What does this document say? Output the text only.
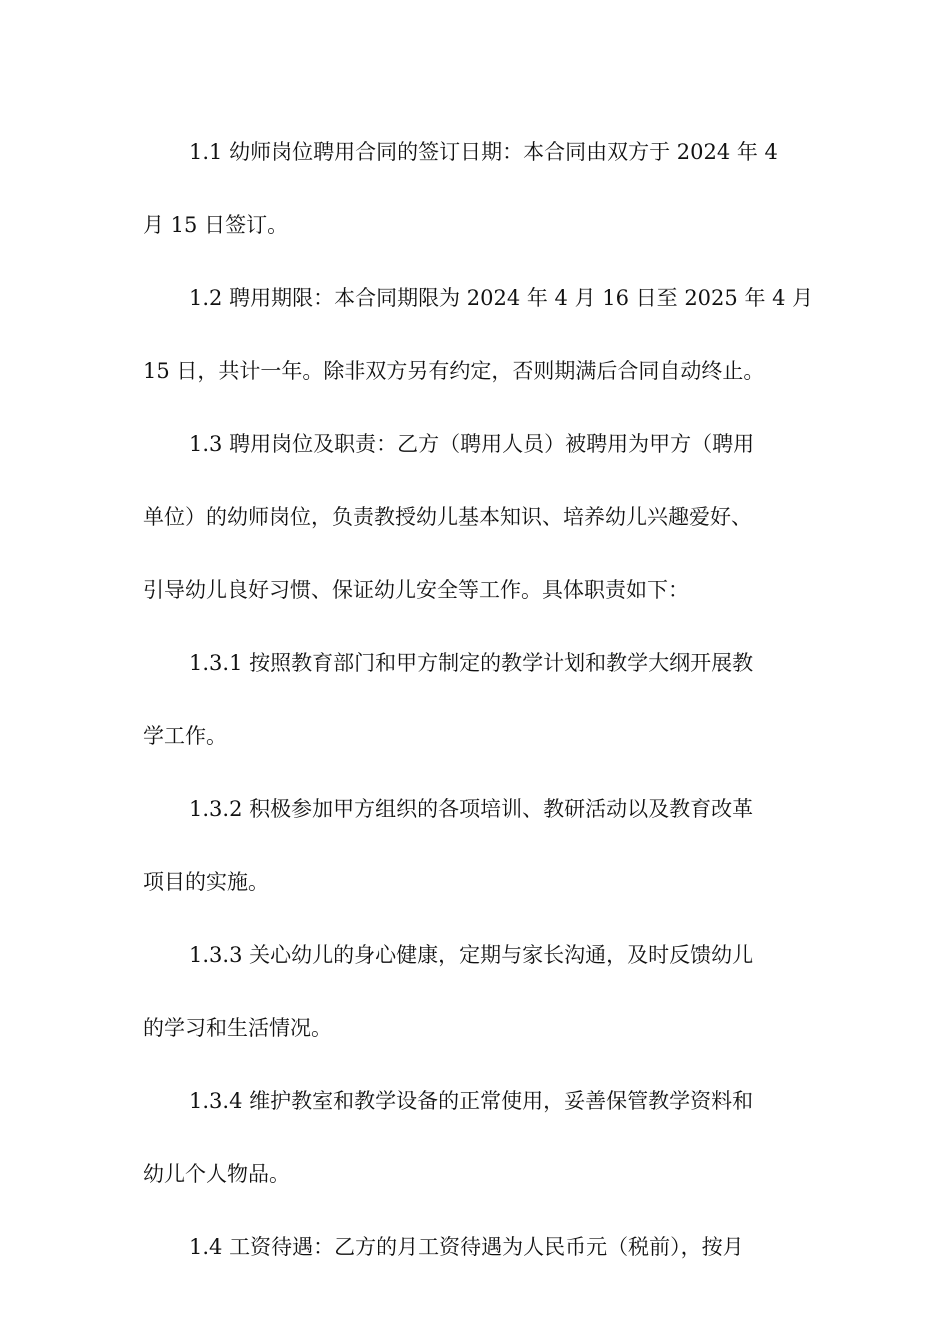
1.1 幼师岗位聘用合同的签订日期：本合同由双方于 2024 年 4
月 15 日签订。
1.2 聘用期限：本合同期限为 2024 年 4 月 16 日至 2025 年 4 月
15 日，共计一年。除非双方另有约定，否则期满后合同自动终止。
1.3 聘用岗位及职责：乙方（聘用人员）被聘用为甲方（聘用
单位）的幼师岗位，负责教授幼儿基本知识、培养幼儿兴趣爱好、
引导幼儿良好习惯、保证幼儿安全等工作。具体职责如下：
1.3.1 按照教育部门和甲方制定的教学计划和教学大纲开展教
学工作。
1.3.2 积极参加甲方组织的各项培训、教研活动以及教育改革
项目的实施。
1.3.3 关心幼儿的身心健康，定期与家长沟通，及时反馈幼儿
的学习和生活情况。
1.3.4 维护教室和教学设备的正常使用，妥善保管教学资料和
幼儿个人物品。
1.4 工资待遇：乙方的月工资待遇为人民币元（税前），按月
